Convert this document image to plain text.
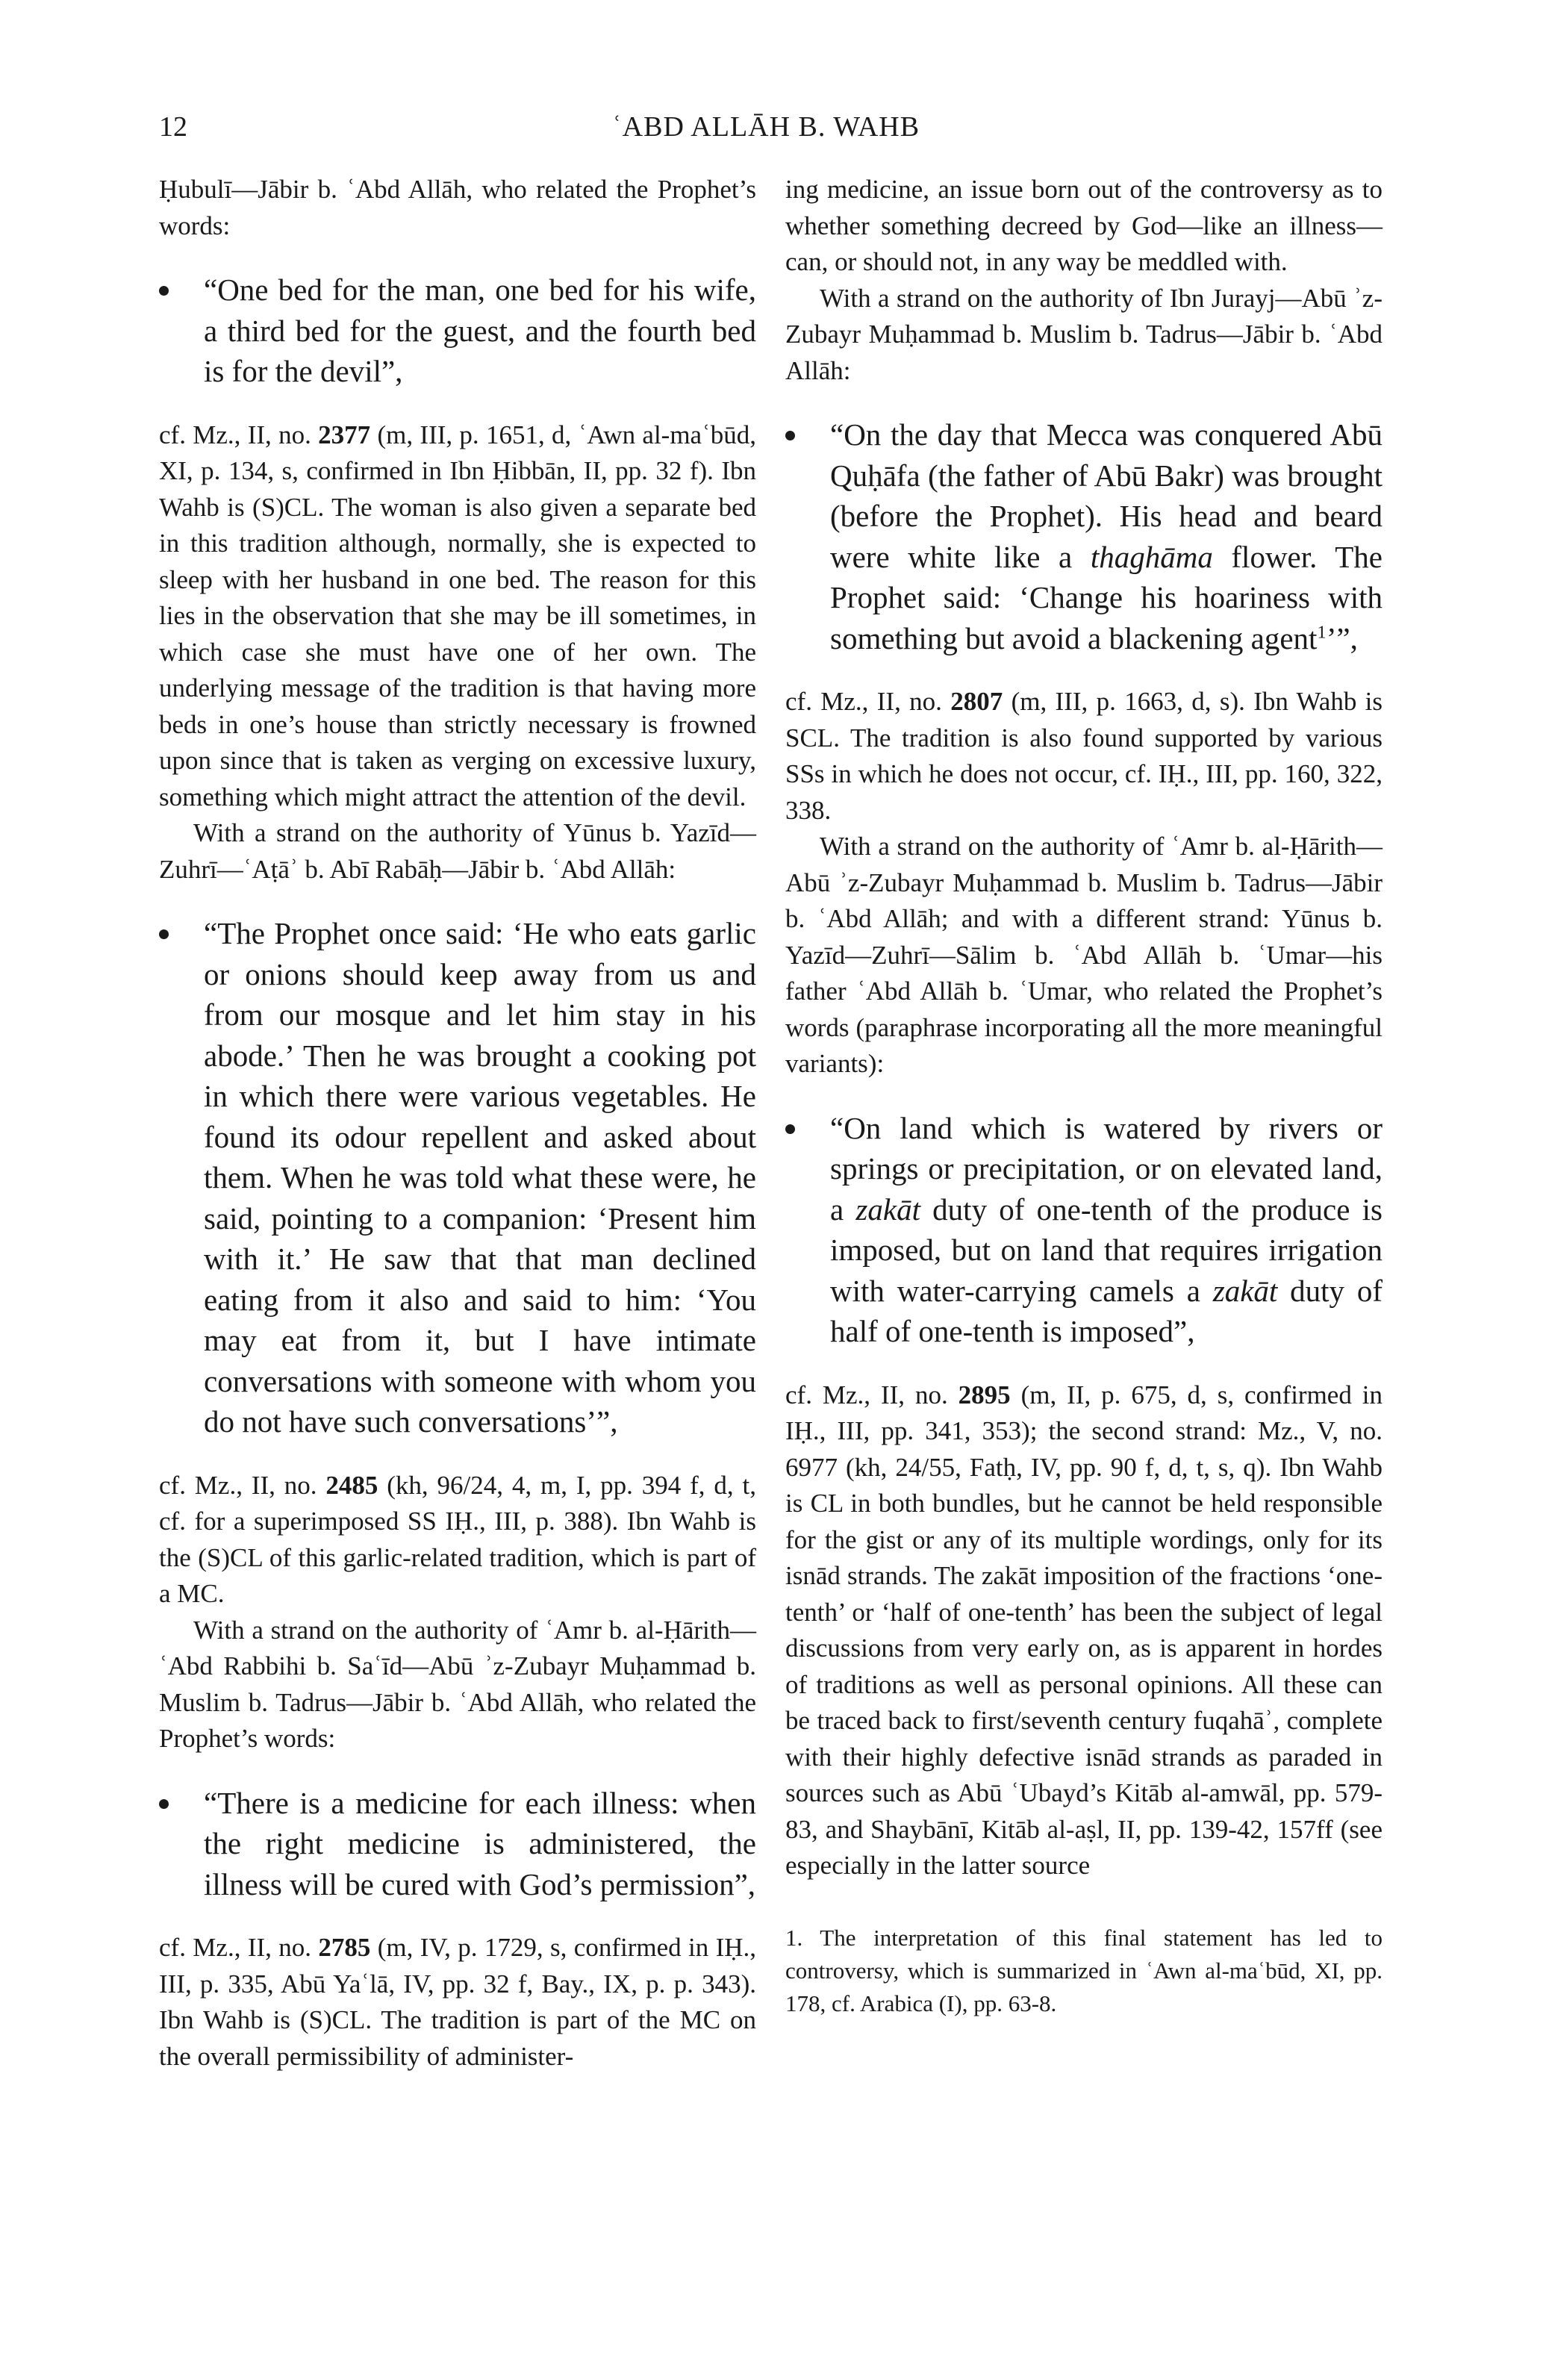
12	ʿABD ALLĀH B. WAHB

Ḥubulī—Jābir b. ʿAbd Allāh, who related the Prophet’s words:

“One bed for the man, one bed for his wife, a third bed for the guest, and the fourth bed is for the devil”,

cf. Mz., II, no. 2377 (m, III, p. 1651, d, ʿAwn al-maʿbūd, XI, p. 134, s, confirmed in Ibn Ḥibbān, II, pp. 32 f). Ibn Wahb is (S)CL. The woman is also given a separate bed in this tradition although, normally, she is expected to sleep with her husband in one bed. The reason for this lies in the observation that she may be ill sometimes, in which case she must have one of her own. The underlying message of the tradition is that having more beds in one’s house than strictly necessary is frowned upon since that is taken as verging on excessive luxury, something which might attract the attention of the devil.

With a strand on the authority of Yūnus b. Yazīd—Zuhrī—ʿAṭāʾ b. Abī Rabāḥ—Jābir b. ʿAbd Allāh:

“The Prophet once said: ‘He who eats garlic or onions should keep away from us and from our mosque and let him stay in his abode.’ Then he was brought a cooking pot in which there were various vegetables. He found its odour repellent and asked about them. When he was told what these were, he said, pointing to a companion: ‘Present him with it.’ He saw that that man declined eating from it also and said to him: ‘You may eat from it, but I have intimate conversations with someone with whom you do not have such conversations’”,

cf. Mz., II, no. 2485 (kh, 96/24, 4, m, I, pp. 394 f, d, t, cf. for a superimposed SS IḤ., III, p. 388). Ibn Wahb is the (S)CL of this garlic-related tradition, which is part of a MC.

With a strand on the authority of ʿAmr b. al-Ḥārith—ʿAbd Rabbihi b. Saʿīd—Abū ʾz-Zubayr Muḥammad b. Muslim b. Tadrus—Jābir b. ʿAbd Allāh, who related the Prophet’s words:

“There is a medicine for each illness: when the right medicine is administered, the illness will be cured with God’s permission”,

cf. Mz., II, no. 2785 (m, IV, p. 1729, s, confirmed in IḤ., III, p. 335, Abū Yaʿlā, IV, pp. 32 f, Bay., IX, p. p. 343). Ibn Wahb is (S)CL. The tradition is part of the MC on the overall permissibility of administer-

ing medicine, an issue born out of the controversy as to whether something decreed by God—like an illness—can, or should not, in any way be meddled with.

With a strand on the authority of Ibn Jurayj—Abū ʾz-Zubayr Muḥammad b. Muslim b. Tadrus—Jābir b. ʿAbd Allāh:

“On the day that Mecca was conquered Abū Quḥāfa (the father of Abū Bakr) was brought (before the Prophet). His head and beard were white like a thaghāma flower. The Prophet said: ‘Change his hoariness with something but avoid a blackening agent$^1$’”,

cf. Mz., II, no. 2807 (m, III, p. 1663, d, s). Ibn Wahb is SCL. The tradition is also found supported by various SSs in which he does not occur, cf. IḤ., III, pp. 160, 322, 338.

With a strand on the authority of ʿAmr b. al-Ḥārith—Abū ʾz-Zubayr Muḥammad b. Muslim b. Tadrus—Jābir b. ʿAbd Allāh; and with a different strand: Yūnus b. Yazīd—Zuhrī—Sālim b. ʿAbd Allāh b. ʿUmar—his father ʿAbd Allāh b. ʿUmar, who related the Prophet’s words (paraphrase incorporating all the more meaningful variants):

“On land which is watered by rivers or springs or precipitation, or on elevated land, a zakāt duty of one-tenth of the produce is imposed, but on land that requires irrigation with water-carrying camels a zakāt duty of half of one-tenth is imposed”,

cf. Mz., II, no. 2895 (m, II, p. 675, d, s, confirmed in IḤ., III, pp. 341, 353); the second strand: Mz., V, no. 6977 (kh, 24/55, Fatḥ, IV, pp. 90 f, d, t, s, q). Ibn Wahb is CL in both bundles, but he cannot be held responsible for the gist or any of its multiple wordings, only for its isnād strands. The zakāt imposition of the fractions ‘one-tenth’ or ‘half of one-tenth’ has been the subject of legal discussions from very early on, as is apparent in hordes of traditions as well as personal opinions. All these can be traced back to first/seventh century fuqahāʾ, complete with their highly defective isnād strands as paraded in sources such as Abū ʿUbayd’s Kitāb al-amwāl, pp. 579-83, and Shaybānī, Kitāb al-aṣl, II, pp. 139-42, 157ff (see especially in the latter source

1. The interpretation of this final statement has led to controversy, which is summarized in ʿAwn al-maʿbūd, XI, pp. 178, cf. Arabica (I), pp. 63-8.
